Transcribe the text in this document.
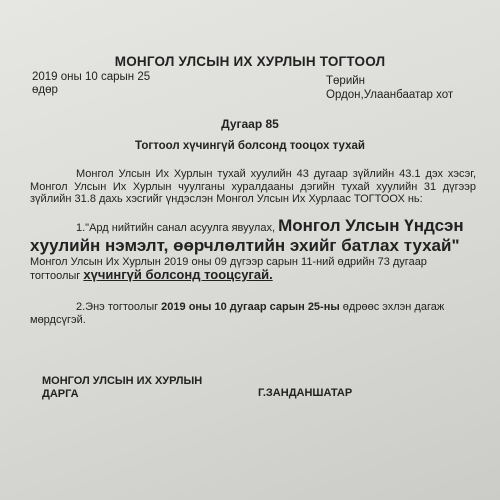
МОНГОЛ УЛСЫН ИХ ХУРЛЫН ТОГТООЛ
2019 оны 10 сарын 25
өдөр
Төрийн
Ордон,Улаанбаатар хот
Дугаар 85
Тогтоол хүчингүй болсонд тооцох тухай
Монгол Улсын Их Хурлын тухай хуулийн 43 дугаар зүйлийн 43.1 дэх хэсэг, Монгол Улсын Их Хурлын чуулганы хуралдааны дэгийн тухай хуулийн 31 дүгээр зүйлийн 31.8 дахь хэсгийг үндэслэн Монгол Улсын Их Хурлаас ТОГТООХ нь:
1."Ард нийтийн санал асуулга явуулах, Монгол Улсын Үндсэн
хуулийн нэмэлт, өөрчлөлтийн эхийг батлах тухай"
Монгол Улсын Их Хурлын 2019 оны 09 дүгээр сарын 11-ний өдрийн 73 дугаар тогтоолыг хүчингүй болсонд тооцсугай.
2.Энэ тогтоолыг 2019 оны 10 дугаар сарын 25-ны өдрөөс эхлэн дагаж мөрдсүгэй.
МОНГОЛ УЛСЫН ИХ ХУРЛЫН
ДАРГА	Г.ЗАНДАНШАТАР
